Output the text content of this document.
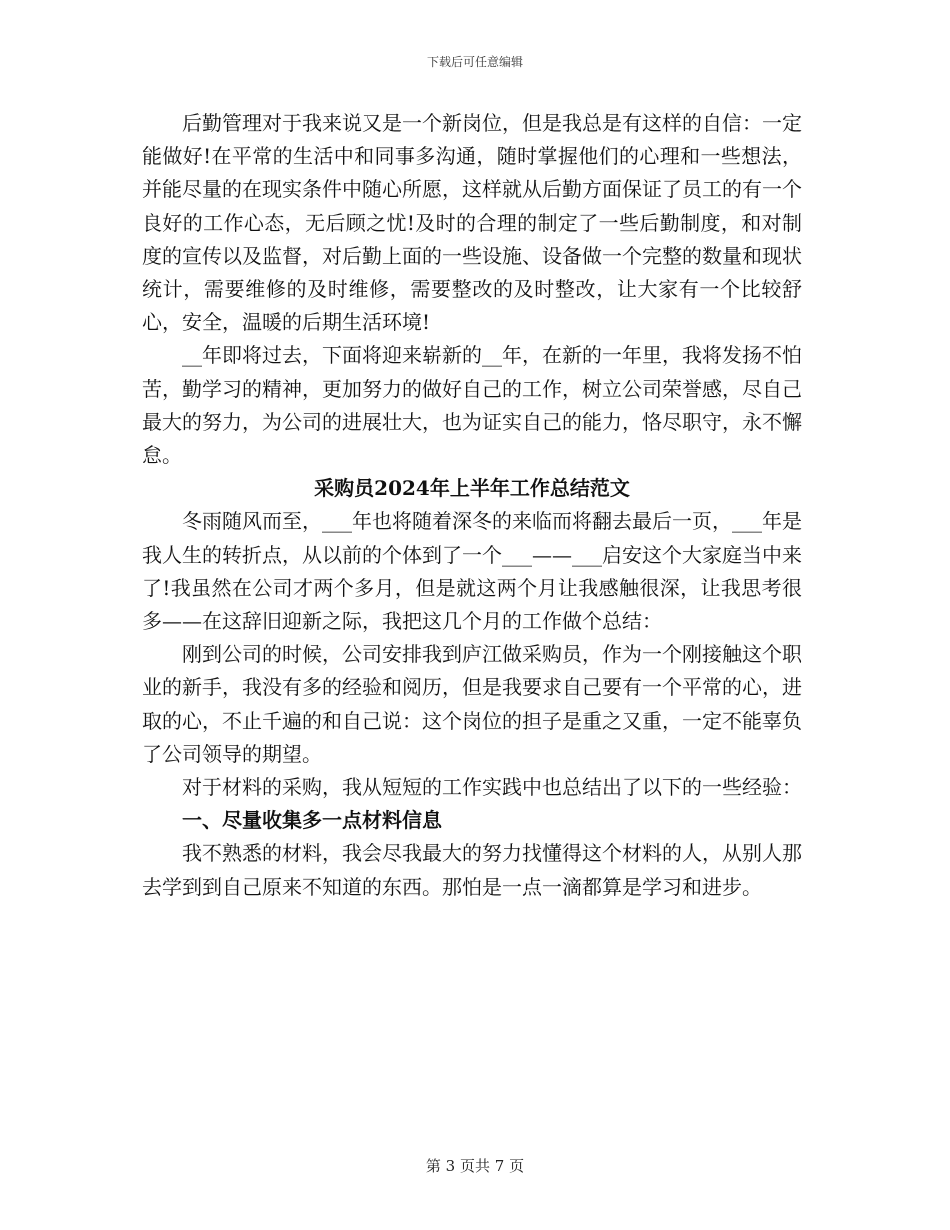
下载后可任意编辑

后勤管理对于我来说又是一个新岗位，但是我总是有这样的自信：一定能做好!在平常的生活中和同事多沟通，随时掌握他们的心理和一些想法，并能尽量的在现实条件中随心所愿，这样就从后勤方面保证了员工的有一个良好的工作心态，无后顾之忧!及时的合理的制定了一些后勤制度，和对制度的宣传以及监督，对后勤上面的一些设施、设备做一个完整的数量和现状统计，需要维修的及时维修，需要整改的及时整改，让大家有一个比较舒心，安全，温暖的后期生活环境!

__年即将过去，下面将迎来崭新的__年，在新的一年里，我将发扬不怕苦，勤学习的精神，更加努力的做好自己的工作，树立公司荣誉感，尽自己最大的努力，为公司的进展壮大，也为证实自己的能力，恪尽职守，永不懈怠。

采购员2024年上半年工作总结范文

冬雨随风而至，___年也将随着深冬的来临而将翻去最后一页，___年是我人生的转折点，从以前的个体到了一个___——___启安这个大家庭当中来了!我虽然在公司才两个多月，但是就这两个月让我感触很深，让我思考很多——在这辞旧迎新之际，我把这几个月的工作做个总结：

刚到公司的时候，公司安排我到庐江做采购员，作为一个刚接触这个职业的新手，我没有多的经验和阅历，但是我要求自己要有一个平常的心，进取的心，不止千遍的和自己说：这个岗位的担子是重之又重，一定不能辜负了公司领导的期望。

对于材料的采购，我从短短的工作实践中也总结出了以下的一些经验：

一、尽量收集多一点材料信息

我不熟悉的材料，我会尽我最大的努力找懂得这个材料的人，从别人那去学到到自己原来不知道的东西。那怕是一点一滴都算是学习和进步。

第 3 页共 7 页
